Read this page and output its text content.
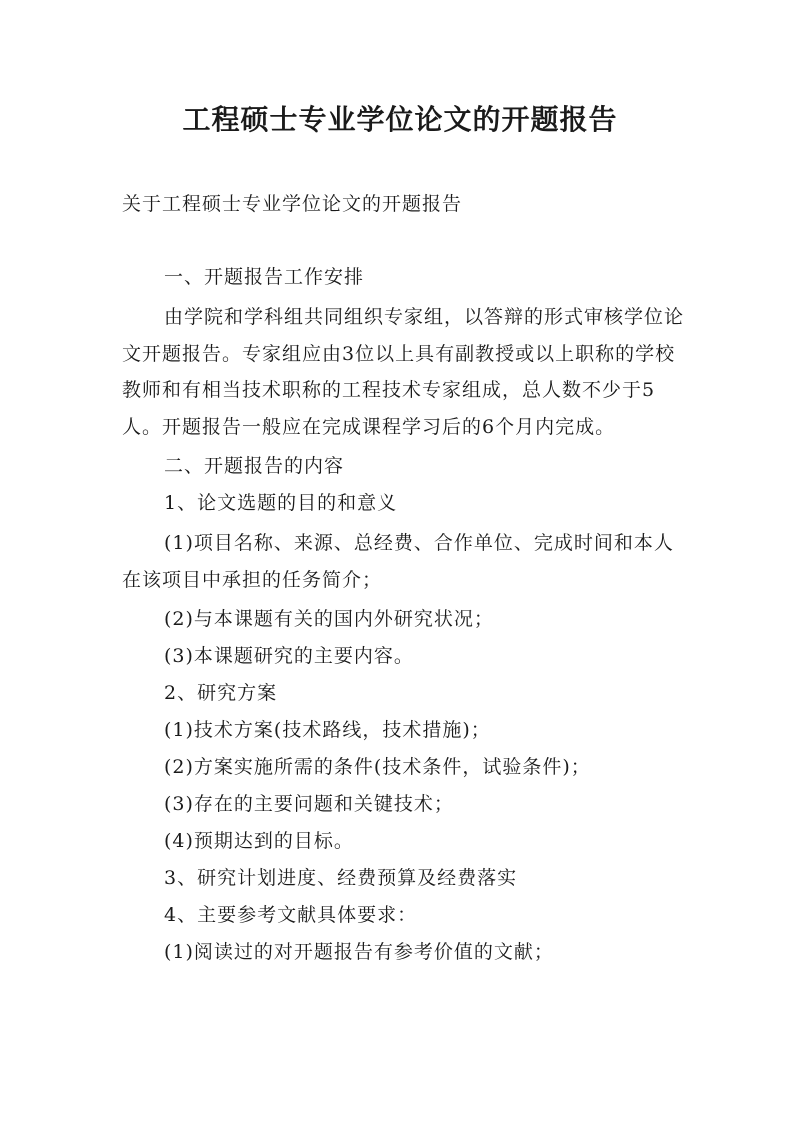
工程硕士专业学位论文的开题报告
关于工程硕士专业学位论文的开题报告

一、开题报告工作安排

由学院和学科组共同组织专家组，以答辩的形式审核学位论文开题报告。专家组应由3位以上具有副教授或以上职称的学校教师和有相当技术职称的工程技术专家组成，总人数不少于5人。开题报告一般应在完成课程学习后的6个月内完成。

二、开题报告的内容

1、论文选题的目的和意义

(1)项目名称、来源、总经费、合作单位、完成时间和本人在该项目中承担的任务简介；

(2)与本课题有关的国内外研究状况；

(3)本课题研究的主要内容。

2、研究方案

(1)技术方案(技术路线，技术措施)；

(2)方案实施所需的条件(技术条件，试验条件)；

(3)存在的主要问题和关键技术；

(4)预期达到的目标。

3、研究计划进度、经费预算及经费落实

4、主要参考文献具体要求：

(1)阅读过的对开题报告有参考价值的文献；
